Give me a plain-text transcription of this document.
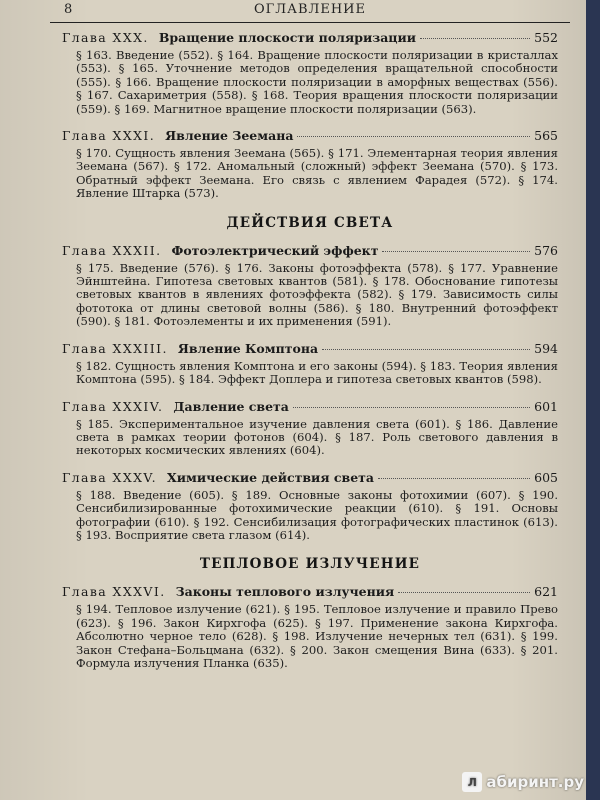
8	ОГЛАВЛЕНИЕ
Глава XXX. Вращение плоскости поляризации	552
§ 163. Введение (552). § 164. Вращение плоскости поляризации в кристаллах (553). § 165. Уточнение методов определения вращательной способности (555). § 166. Вращение плоскости поляризации в аморфных веществах (556). § 167. Сахариметрия (558). § 168. Теория вращения плоскости поляризации (559). § 169. Магнитное вращение плоскости поляризации (563).
Глава XXXI. Явление Зеемана	565
§ 170. Сущность явления Зеемана (565). § 171. Элементарная теория явления Зеемана (567). § 172. Аномальный (сложный) эффект Зеемана (570). § 173. Обратный эффект Зеемана. Его связь с явлением Фарадея (572). § 174. Явление Штарка (573).
ДЕЙСТВИЯ СВЕТА
Глава XXXII. Фотоэлектрический эффект	576
§ 175. Введение (576). § 176. Законы фотоэффекта (578). § 177. Уравнение Эйнштейна. Гипотеза световых квантов (581). § 178. Обоснование гипотезы световых квантов в явлениях фотоэффекта (582). § 179. Зависимость силы фототока от длины световой волны (586). § 180. Внутренний фотоэффект (590). § 181. Фотоэлементы и их применения (591).
Глава XXXIII. Явление Комптона	594
§ 182. Сущность явления Комптона и его законы (594). § 183. Теория явления Комптона (595). § 184. Эффект Доплера и гипотеза световых квантов (598).
Глава XXXIV. Давление света	601
§ 185. Экспериментальное изучение давления света (601). § 186. Давление света в рамках теории фотонов (604). § 187. Роль светового давления в некоторых космических явлениях (604).
Глава XXXV. Химические действия света	605
§ 188. Введение (605). § 189. Основные законы фотохимии (607). § 190. Сенсибилизированные фотохимические реакции (610). § 191. Основы фотографии (610). § 192. Сенсибилизация фотографических пластинок (613). § 193. Восприятие света глазом (614).
ТЕПЛОВОЕ ИЗЛУЧЕНИЕ
Глава XXXVI. Законы теплового излучения	621
§ 194. Тепловое излучение (621). § 195. Тепловое излучение и правило Прево (623). § 196. Закон Кирхгофа (625). § 197. Применение закона Кирхгофа. Абсолютно черное тело (628). § 198. Излучение нечерных тел (631). § 199. Закон Стефана–Больцмана (632). § 200. Закон смещения Вина (633). § 201. Формула излучения Планка (635).
Л абиринт.ру
